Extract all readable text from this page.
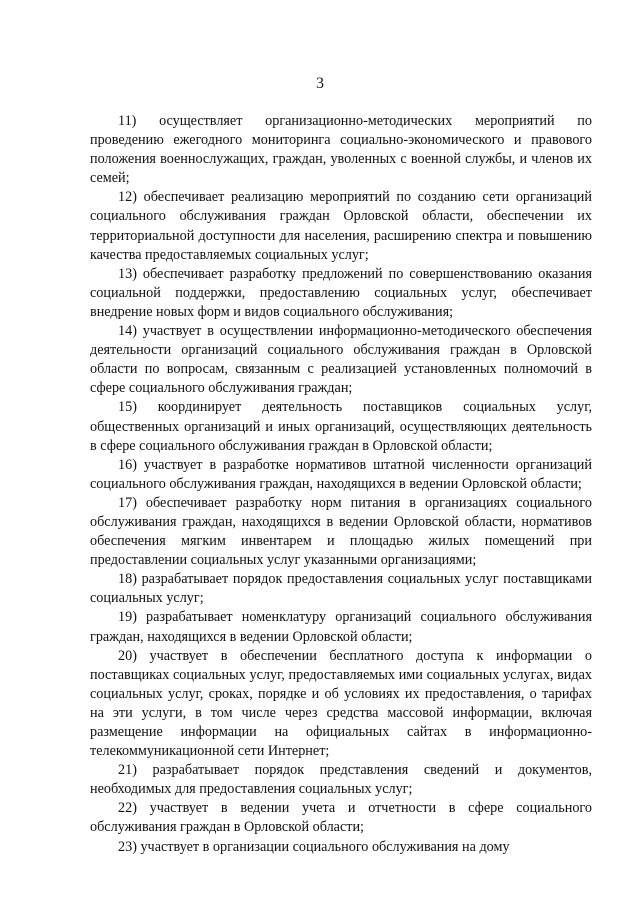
3

11) осуществляет организационно-методических мероприятий по проведению ежегодного мониторинга социально-экономического и правового положения военнослужащих, граждан, уволенных с военной службы, и членов их семей;

12) обеспечивает реализацию мероприятий по созданию сети организаций социального обслуживания граждан Орловской области, обеспечении их территориальной доступности для населения, расширению спектра и повышению качества предоставляемых социальных услуг;

13) обеспечивает разработку предложений по совершенствованию оказания социальной поддержки, предоставлению социальных услуг, обеспечивает внедрение новых форм и видов социального обслуживания;

14) участвует в осуществлении информационно-методического обеспечения деятельности организаций социального обслуживания граждан в Орловской области по вопросам, связанным с реализацией установленных полномочий в сфере социального обслуживания граждан;

15) координирует деятельность поставщиков социальных услуг, общественных организаций и иных организаций, осуществляющих деятельность в сфере социального обслуживания граждан в Орловской области;

16) участвует в разработке нормативов штатной численности организаций социального обслуживания граждан, находящихся в ведении Орловской области;

17) обеспечивает разработку норм питания в организациях социального обслуживания граждан, находящихся в ведении Орловской области, нормативов обеспечения мягким инвентарем и площадью жилых помещений при предоставлении социальных услуг указанными организациями;

18) разрабатывает порядок предоставления социальных услуг поставщиками социальных услуг;

19) разрабатывает номенклатуру организаций социального обслуживания граждан, находящихся в ведении Орловской области;

20) участвует в обеспечении бесплатного доступа к информации о поставщиках социальных услуг, предоставляемых ими социальных услугах, видах социальных услуг, сроках, порядке и об условиях их предоставления, о тарифах на эти услуги, в том числе через средства массовой информации, включая размещение информации на официальных сайтах в информационно-телекоммуникационной сети Интернет;

21) разрабатывает порядок представления сведений и документов, необходимых для предоставления социальных услуг;

22) участвует в ведении учета и отчетности в сфере социального обслуживания граждан в Орловской области;

23) участвует в организации социального обслуживания на дому
